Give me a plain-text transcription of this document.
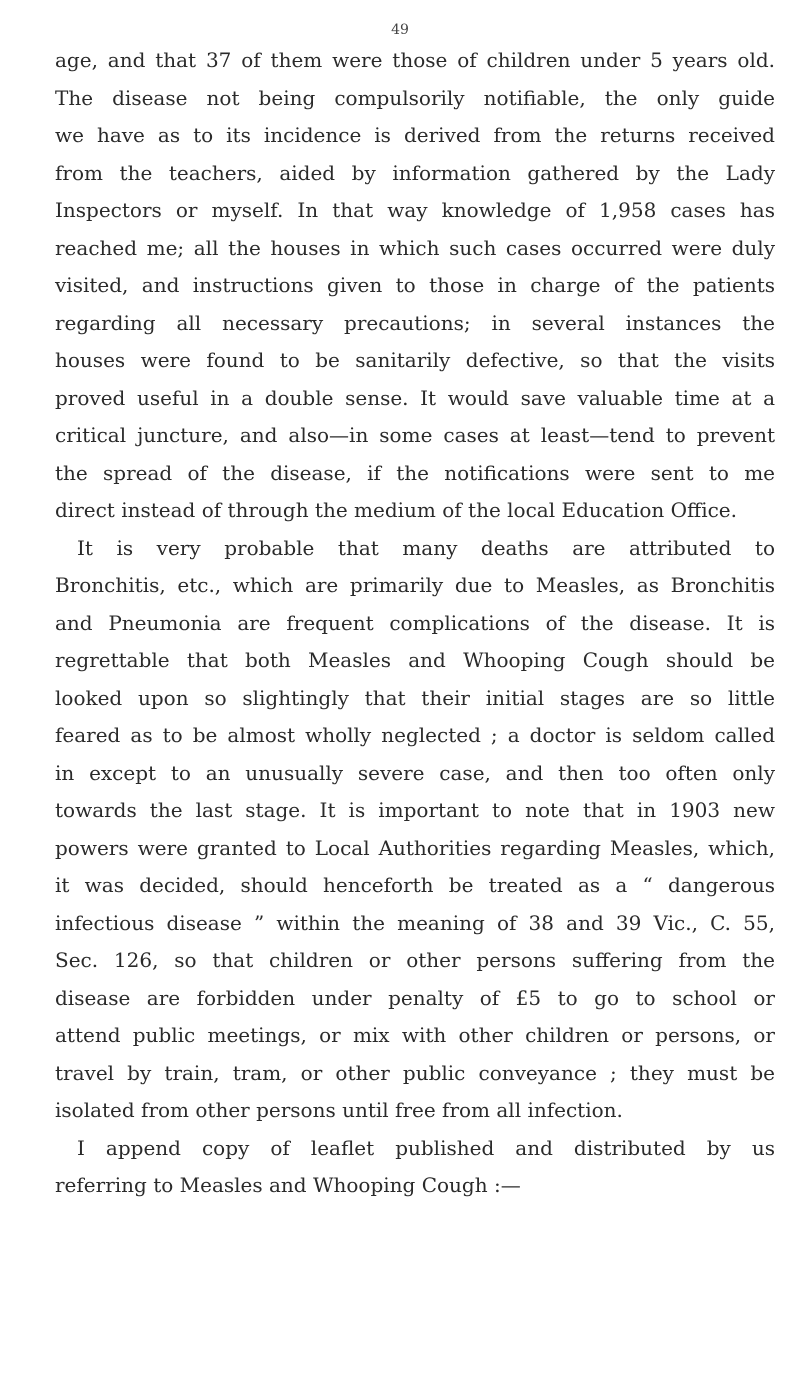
49
age, and that 37 of them were those of children under 5 years old.
The disease not being compulsorily notifiable, the only guide
we have as to its incidence is derived from the returns received
from the teachers, aided by information gathered by the Lady
Inspectors or myself. In that way knowledge of 1,958 cases has
reached me; all the houses in which such cases occurred were duly
visited, and instructions given to those in charge of the patients
regarding all necessary precautions; in several instances the
houses were found to be sanitarily defective, so that the visits
proved useful in a double sense. It would save valuable time at a
critical juncture, and also—in some cases at least—tend to prevent
the spread of the disease, if the notifications were sent to me
direct instead of through the medium of the local Education Office.
It is very probable that many deaths are attributed to
Bronchitis, etc., which are primarily due to Measles, as Bronchitis
and Pneumonia are frequent complications of the disease. It is
regrettable that both Measles and Whooping Cough should be
looked upon so slightingly that their initial stages are so little
feared as to be almost wholly neglected ; a doctor is seldom called
in except to an unusually severe case, and then too often only
towards the last stage. It is important to note that in 1903 new
powers were granted to Local Authorities regarding Measles, which,
it was decided, should henceforth be treated as a “ dangerous
infectious disease ” within the meaning of 38 and 39 Vic., C. 55,
Sec. 126, so that children or other persons suffering from the
disease are forbidden under penalty of £5 to go to school or
attend public meetings, or mix with other children or persons, or
travel by train, tram, or other public conveyance ; they must be
isolated from other persons until free from all infection.
I append copy of leaflet published and distributed by us
referring to Measles and Whooping Cough :—
